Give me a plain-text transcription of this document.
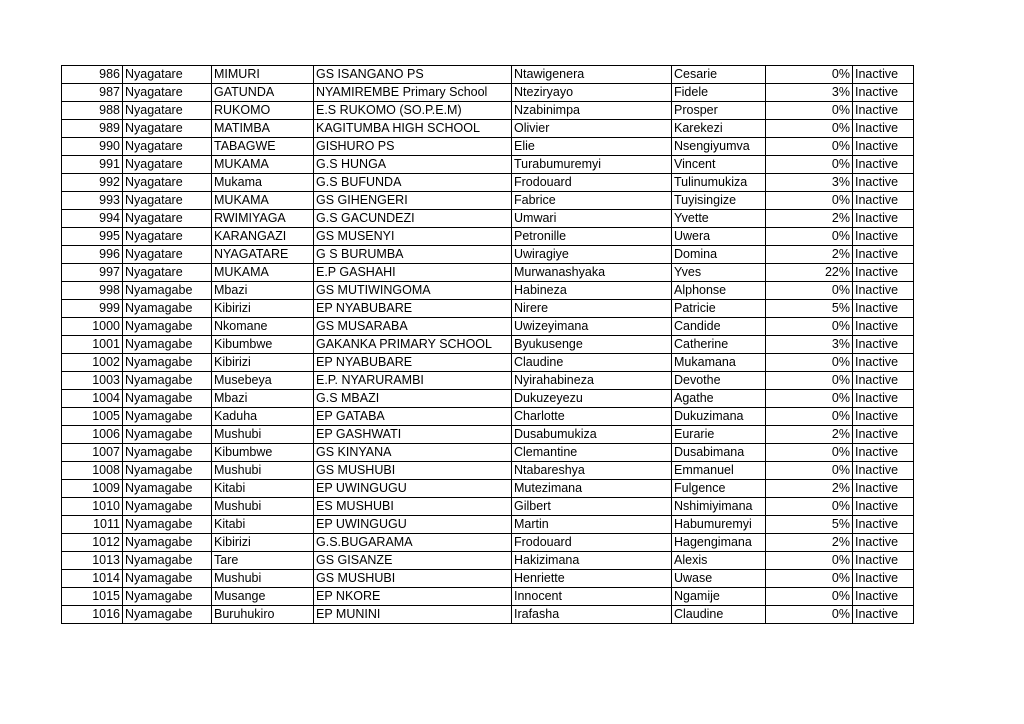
986	Nyagatare	MIMURI	GS ISANGANO PS	Ntawigenera	Cesarie	0%	Inactive
987	Nyagatare	GATUNDA	NYAMIREMBE Primary School	Nteziryayo	Fidele	3%	Inactive
988	Nyagatare	RUKOMO	E.S RUKOMO (SO.P.E.M)	Nzabinimpa	Prosper	0%	Inactive
989	Nyagatare	MATIMBA	KAGITUMBA HIGH SCHOOL	Olivier	Karekezi	0%	Inactive
990	Nyagatare	TABAGWE	GISHURO PS	Elie	Nsengiyumva	0%	Inactive
991	Nyagatare	MUKAMA	G.S HUNGA	Turabumuremyi	Vincent	0%	Inactive
992	Nyagatare	Mukama	G.S BUFUNDA	Frodouard	Tulinumukiza	3%	Inactive
993	Nyagatare	MUKAMA	GS GIHENGERI	Fabrice	Tuyisingize	0%	Inactive
994	Nyagatare	RWIMIYAGA	G.S GACUNDEZI	Umwari	Yvette	2%	Inactive
995	Nyagatare	KARANGAZI	GS MUSENYI	Petronille	Uwera	0%	Inactive
996	Nyagatare	NYAGATARE	G S BURUMBA	Uwiragiye	Domina	2%	Inactive
997	Nyagatare	MUKAMA	E.P GASHAHI	Murwanashyaka	Yves	22%	Inactive
998	Nyamagabe	Mbazi	GS MUTIWINGOMA	Habineza	Alphonse	0%	Inactive
999	Nyamagabe	Kibirizi	EP NYABUBARE	Nirere	Patricie	5%	Inactive
1000	Nyamagabe	Nkomane	GS MUSARABA	Uwizeyimana	Candide	0%	Inactive
1001	Nyamagabe	Kibumbwe	GAKANKA PRIMARY SCHOOL	Byukusenge	Catherine	3%	Inactive
1002	Nyamagabe	Kibirizi	EP NYABUBARE	Claudine	Mukamana	0%	Inactive
1003	Nyamagabe	Musebeya	E.P. NYARURAMBI	Nyirahabineza	Devothe	0%	Inactive
1004	Nyamagabe	Mbazi	G.S MBAZI	Dukuzeyezu	Agathe	0%	Inactive
1005	Nyamagabe	Kaduha	EP GATABA	Charlotte	Dukuzimana	0%	Inactive
1006	Nyamagabe	Mushubi	EP GASHWATI	Dusabumukiza	Eurarie	2%	Inactive
1007	Nyamagabe	Kibumbwe	GS KINYANA	Clemantine	Dusabimana	0%	Inactive
1008	Nyamagabe	Mushubi	GS MUSHUBI	Ntabareshya	Emmanuel	0%	Inactive
1009	Nyamagabe	Kitabi	EP UWINGUGU	Mutezimana	Fulgence	2%	Inactive
1010	Nyamagabe	Mushubi	ES MUSHUBI	Gilbert	Nshimiyimana	0%	Inactive
1011	Nyamagabe	Kitabi	EP UWINGUGU	Martin	Habumuremyi	5%	Inactive
1012	Nyamagabe	Kibirizi	G.S.BUGARAMA	Frodouard	Hagengimana	2%	Inactive
1013	Nyamagabe	Tare	GS GISANZE	Hakizimana	Alexis	0%	Inactive
1014	Nyamagabe	Mushubi	GS MUSHUBI	Henriette	Uwase	0%	Inactive
1015	Nyamagabe	Musange	EP NKORE	Innocent	Ngamije	0%	Inactive
1016	Nyamagabe	Buruhukiro	EP MUNINI	Irafasha	Claudine	0%	Inactive
